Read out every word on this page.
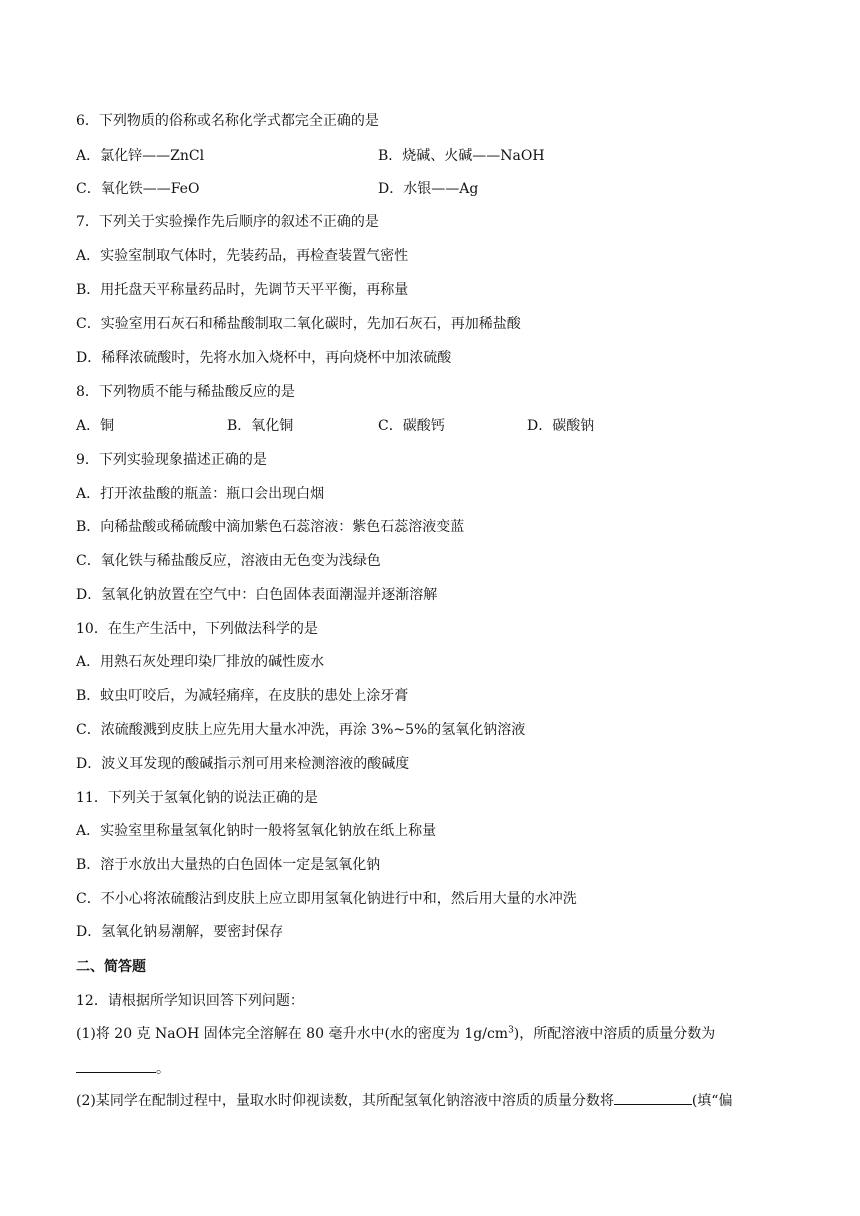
6．下列物质的俗称或名称化学式都完全正确的是
A．氯化锌——ZnCl	B．烧碱、火碱——NaOH
C．氧化铁——FeO	D．水银——Ag
7．下列关于实验操作先后顺序的叙述不正确的是
A．实验室制取气体时，先装药品，再检查装置气密性
B．用托盘天平称量药品时，先调节天平平衡，再称量
C．实验室用石灰石和稀盐酸制取二氧化碳时，先加石灰石，再加稀盐酸
D．稀释浓硫酸时，先将水加入烧杯中，再向烧杯中加浓硫酸
8．下列物质不能与稀盐酸反应的是
A．铜	B．氧化铜	C．碳酸钙	D．碳酸钠
9．下列实验现象描述正确的是
A．打开浓盐酸的瓶盖：瓶口会出现白烟
B．向稀盐酸或稀硫酸中滴加紫色石蕊溶液：紫色石蕊溶液变蓝
C．氧化铁与稀盐酸反应，溶液由无色变为浅绿色
D．氢氧化钠放置在空气中：白色固体表面潮湿并逐渐溶解
10．在生产生活中，下列做法科学的是
A．用熟石灰处理印染厂排放的碱性废水
B．蚊虫叮咬后，为减轻痛痒，在皮肤的患处上涂牙膏
C．浓硫酸溅到皮肤上应先用大量水冲洗，再涂 3%~5%的氢氧化钠溶液
D．波义耳发现的酸碱指示剂可用来检测溶液的酸碱度
11．下列关于氢氧化钠的说法正确的是
A．实验室里称量氢氧化钠时一般将氢氧化钠放在纸上称量
B．溶于水放出大量热的白色固体一定是氢氧化钠
C．不小心将浓硫酸沾到皮肤上应立即用氢氧化钠进行中和，然后用大量的水冲洗
D．氢氧化钠易潮解，要密封保存
二、简答题
12．请根据所学知识回答下列问题：
(1)将 20 克 NaOH 固体完全溶解在 80 毫升水中(水的密度为 $1g/cm^3$)，所配溶液中溶质的质量分数为
。
(2)某同学在配制过程中，量取水时仰视读数，其所配氢氧化钠溶液中溶质的质量分数将	(填“偏
